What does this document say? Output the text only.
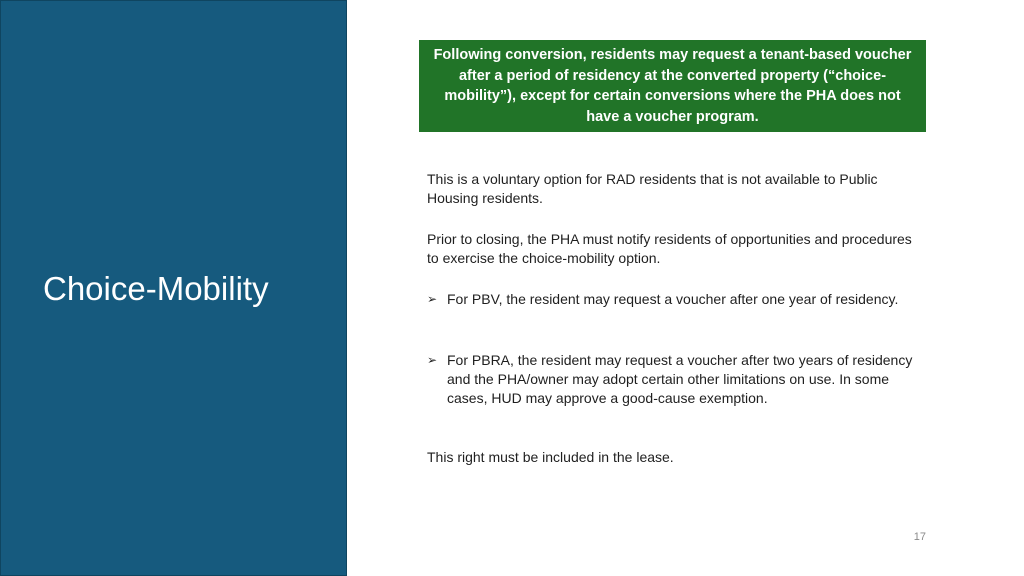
Choice-Mobility
Following conversion, residents may request a tenant-based voucher after a period of residency at the converted property (“choice-mobility”), except for certain conversions where the PHA does not have a voucher program.

This is a voluntary option for RAD residents that is not available to Public Housing residents.

Prior to closing, the PHA must notify residents of opportunities and procedures to exercise the choice-mobility option.

➢ For PBV, the resident may request a voucher after one year of residency.
➢ For PBRA, the resident may request a voucher after two years of residency and the PHA/owner may adopt certain other limitations on use. In some cases, HUD may approve a good-cause exemption.

This right must be included in the lease.

17
